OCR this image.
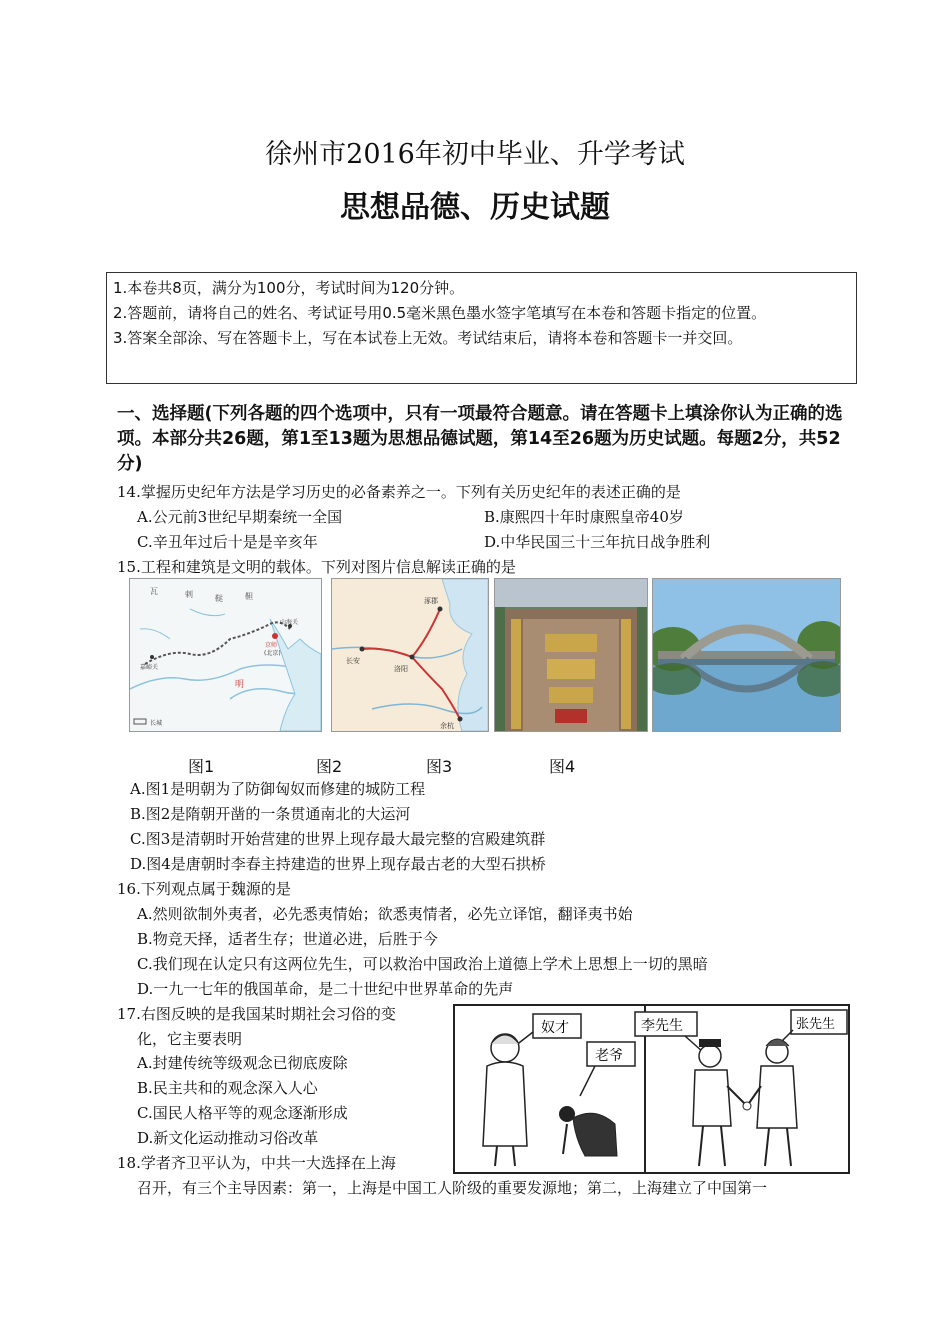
徐州市2016年初中毕业、升学考试
思想品德、历史试题
1.本卷共8页，满分为100分，考试时间为120分钟。
2.答题前，请将自己的姓名、考试证号用0.5毫米黑色墨水签字笔填写在本卷和答题卡指定的位置。
3.答案全部涂、写在答题卡上，写在本试卷上无效。考试结束后，请将本卷和答题卡一并交回。
一、选择题(下列各题的四个选项中，只有一项最符合题意。请在答题卡上填涂你认为正确的选项。本部分共26题，第1至13题为思想品德试题，第14至26题为历史试题。每题2分，共52分)
14.掌握历史纪年方法是学习历史的必备素养之一。下列有关历史纪年的表述正确的是
A.公元前3世纪早期秦统一全国	B.康熙四十年时康熙皇帝40岁
C.辛丑年过后十是是辛亥年	D.中华民国三十三年抗日战争胜利
15.工程和建筑是文明的载体。下列对图片信息解读正确的是
瓦	剌	鞑	靼
山海关
嘉峪关
京师
(北京)
明
长城
长安
洛阳
涿郡
余杭
图1	图2	图3	图4
A.图1是明朝为了防御匈奴而修建的城防工程
B.图2是隋朝开凿的一条贯通南北的大运河
C.图3是清朝时开始营建的世界上现存最大最完整的宫殿建筑群
D.图4是唐朝时李春主持建造的世界上现存最古老的大型石拱桥
16.下列观点属于魏源的是
A.然则欲制外夷者，必先悉夷情始；欲悉夷情者，必先立译馆，翻译夷书始
B.物竞天择，适者生存；世道必进，后胜于今
C.我们现在认定只有这两位先生，可以救治中国政治上道德上学术上思想上一切的黑暗
D.一九一七年的俄国革命，是二十世纪中世界革命的先声
17.右图反映的是我国某时期社会习俗的变
化，它主要表明
A.封建传统等级观念已彻底废除
B.民主共和的观念深入人心
C.国民人格平等的观念逐渐形成
D.新文化运动推动习俗改革
奴才
老爷
李先生	张先生
18.学者齐卫平认为，中共一大选择在上海
召开，有三个主导因素：第一，上海是中国工人阶级的重要发源地；第二，上海建立了中国第一
